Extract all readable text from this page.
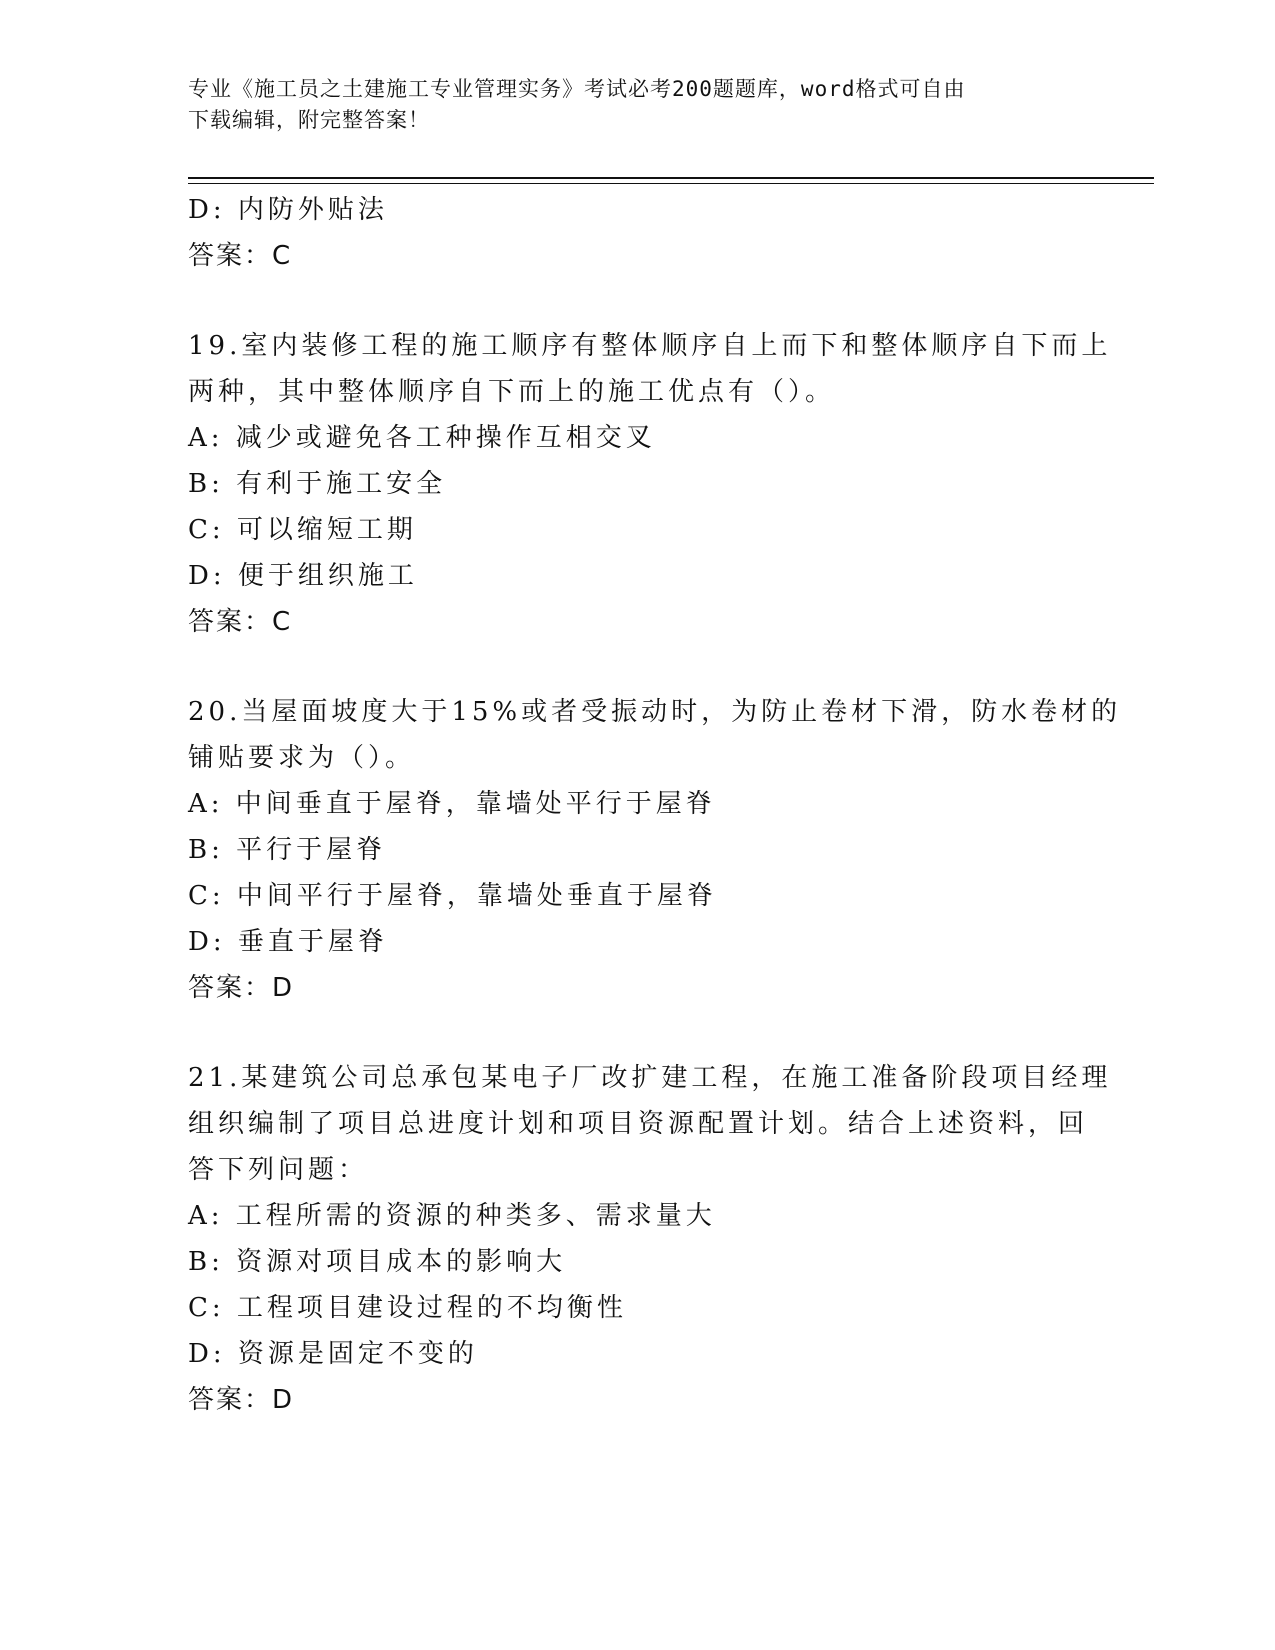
专业《施工员之土建施工专业管理实务》考试必考200题题库，word格式可自由
下载编辑，附完整答案！
D: 内防外贴法
答案：C
19.室内装修工程的施工顺序有整体顺序自上而下和整体顺序自下而上
两种，其中整体顺序自下而上的施工优点有（）。
A: 减少或避免各工种操作互相交叉
B: 有利于施工安全
C: 可以缩短工期
D: 便于组织施工
答案：C
20.当屋面坡度大于15%或者受振动时，为防止卷材下滑，防水卷材的
铺贴要求为（）。
A: 中间垂直于屋脊，靠墙处平行于屋脊
B: 平行于屋脊
C: 中间平行于屋脊，靠墙处垂直于屋脊
D: 垂直于屋脊
答案：D
21.某建筑公司总承包某电子厂改扩建工程，在施工准备阶段项目经理
组织编制了项目总进度计划和项目资源配置计划。结合上述资料，回
答下列问题：
A: 工程所需的资源的种类多、需求量大
B: 资源对项目成本的影响大
C: 工程项目建设过程的不均衡性
D: 资源是固定不变的
答案：D
